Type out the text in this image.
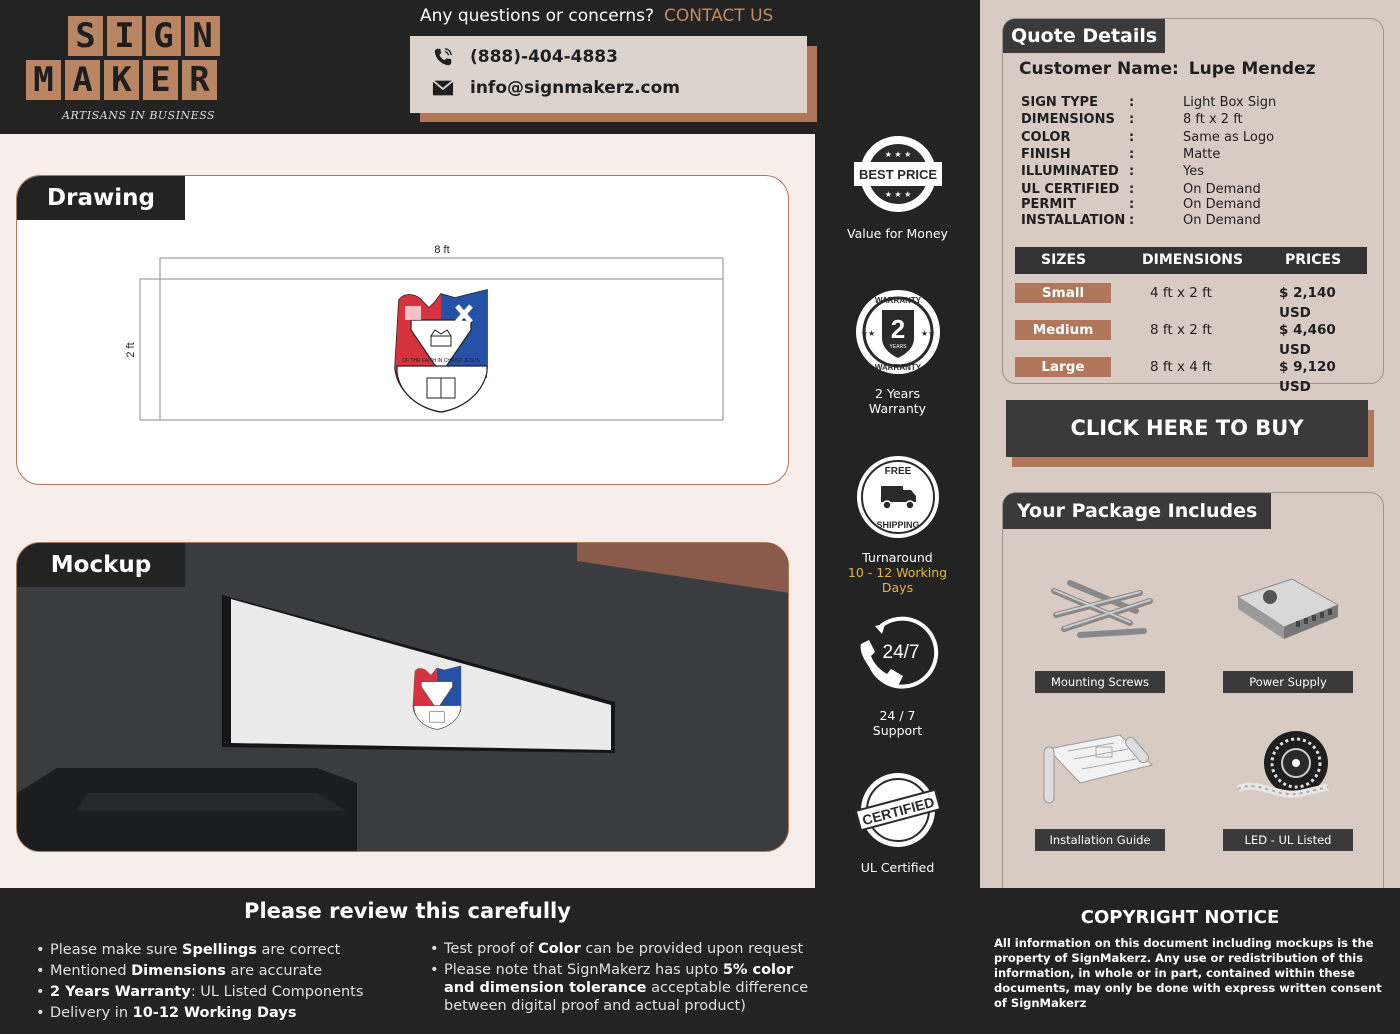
S I G N
M A K E R
ARTISANS IN BUSINESS
Any questions or concerns? CONTACT US
(888)-404-4883
info@signmakerz.com
Drawing
8 ft
2 ft
OF THE FAITH IN CHRIST JESUS
Mockup
BEST PRICE
★ ★ ★
★ ★ ★
Value for Money
2
YEARS
WARRANTY
WARRANTY
★★	★★
2 Years
Warranty
FREE
SHIPPING
Turnaround
10 - 12 Working
Days
24/7
24 / 7
Support
CERTIFIED
UL Certified
Quote Details
Customer Name: Lupe Mendez
SIGN TYPE :	Light Box Sign
DIMENSIONS :	8 ft x 2 ft
COLOR	:	Same as Logo
FINISH	:	Matte
ILLUMINATED :	Yes
UL CERTIFIED :	On Demand
PERMIT	:	On Demand
INSTALLATION :	On Demand
SIZES	DIMENSIONS	PRICES
Small	4 ft x 2 ft	$ 2,140 USD
Medium	8 ft x 2 ft	$ 4,460 USD
Large	8 ft x 4 ft	$ 9,120 USD
Your Package Includes
Mounting Screws	Power Supply
Installation Guide	LED - UL Listed
CLICK HERE TO BUY
Please review this carefully
• Please make sure Spellings are correct
• Mentioned Dimensions are accurate
• 2 Years Warranty: UL Listed Components
• Delivery in 10-12 Working Days
• Test proof of Color can be provided upon request
• Please note that SignMakerz has upto 5% color and dimension tolerance acceptable difference between digital proof and actual product)
COPYRIGHT NOTICE
All information on this document including mockups is the property of SignMakerz. Any use or redistribution of this information, in whole or in part, contained within these documents, may only be done with express written consent of SignMakerz
